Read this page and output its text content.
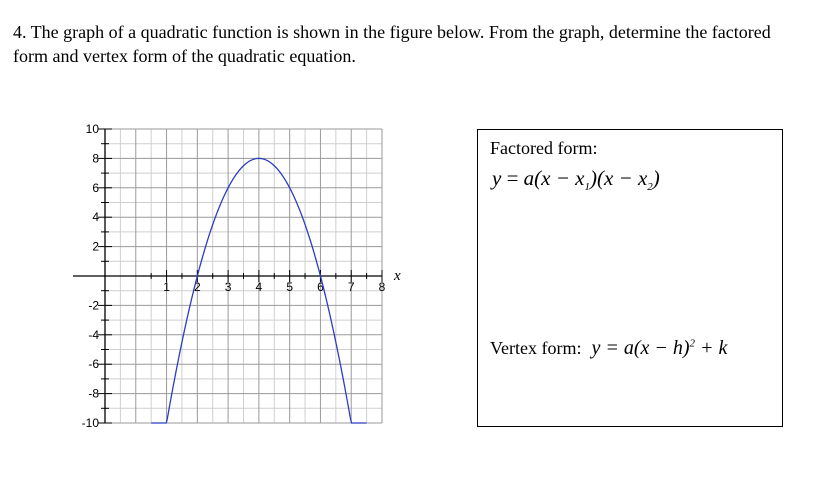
4. The graph of a quadratic function is shown in the figure below. From the graph, determine the factored form and vertex form of the quadratic equation.
10
8
6
4
2
-2
-4
-6
-8
-10
1 2 3 4 5 6 7 8
x
Factored form:
$y = a(x - x_1)(x - x_2)$
Vertex form: $y = a(x - h)^2 + k$
